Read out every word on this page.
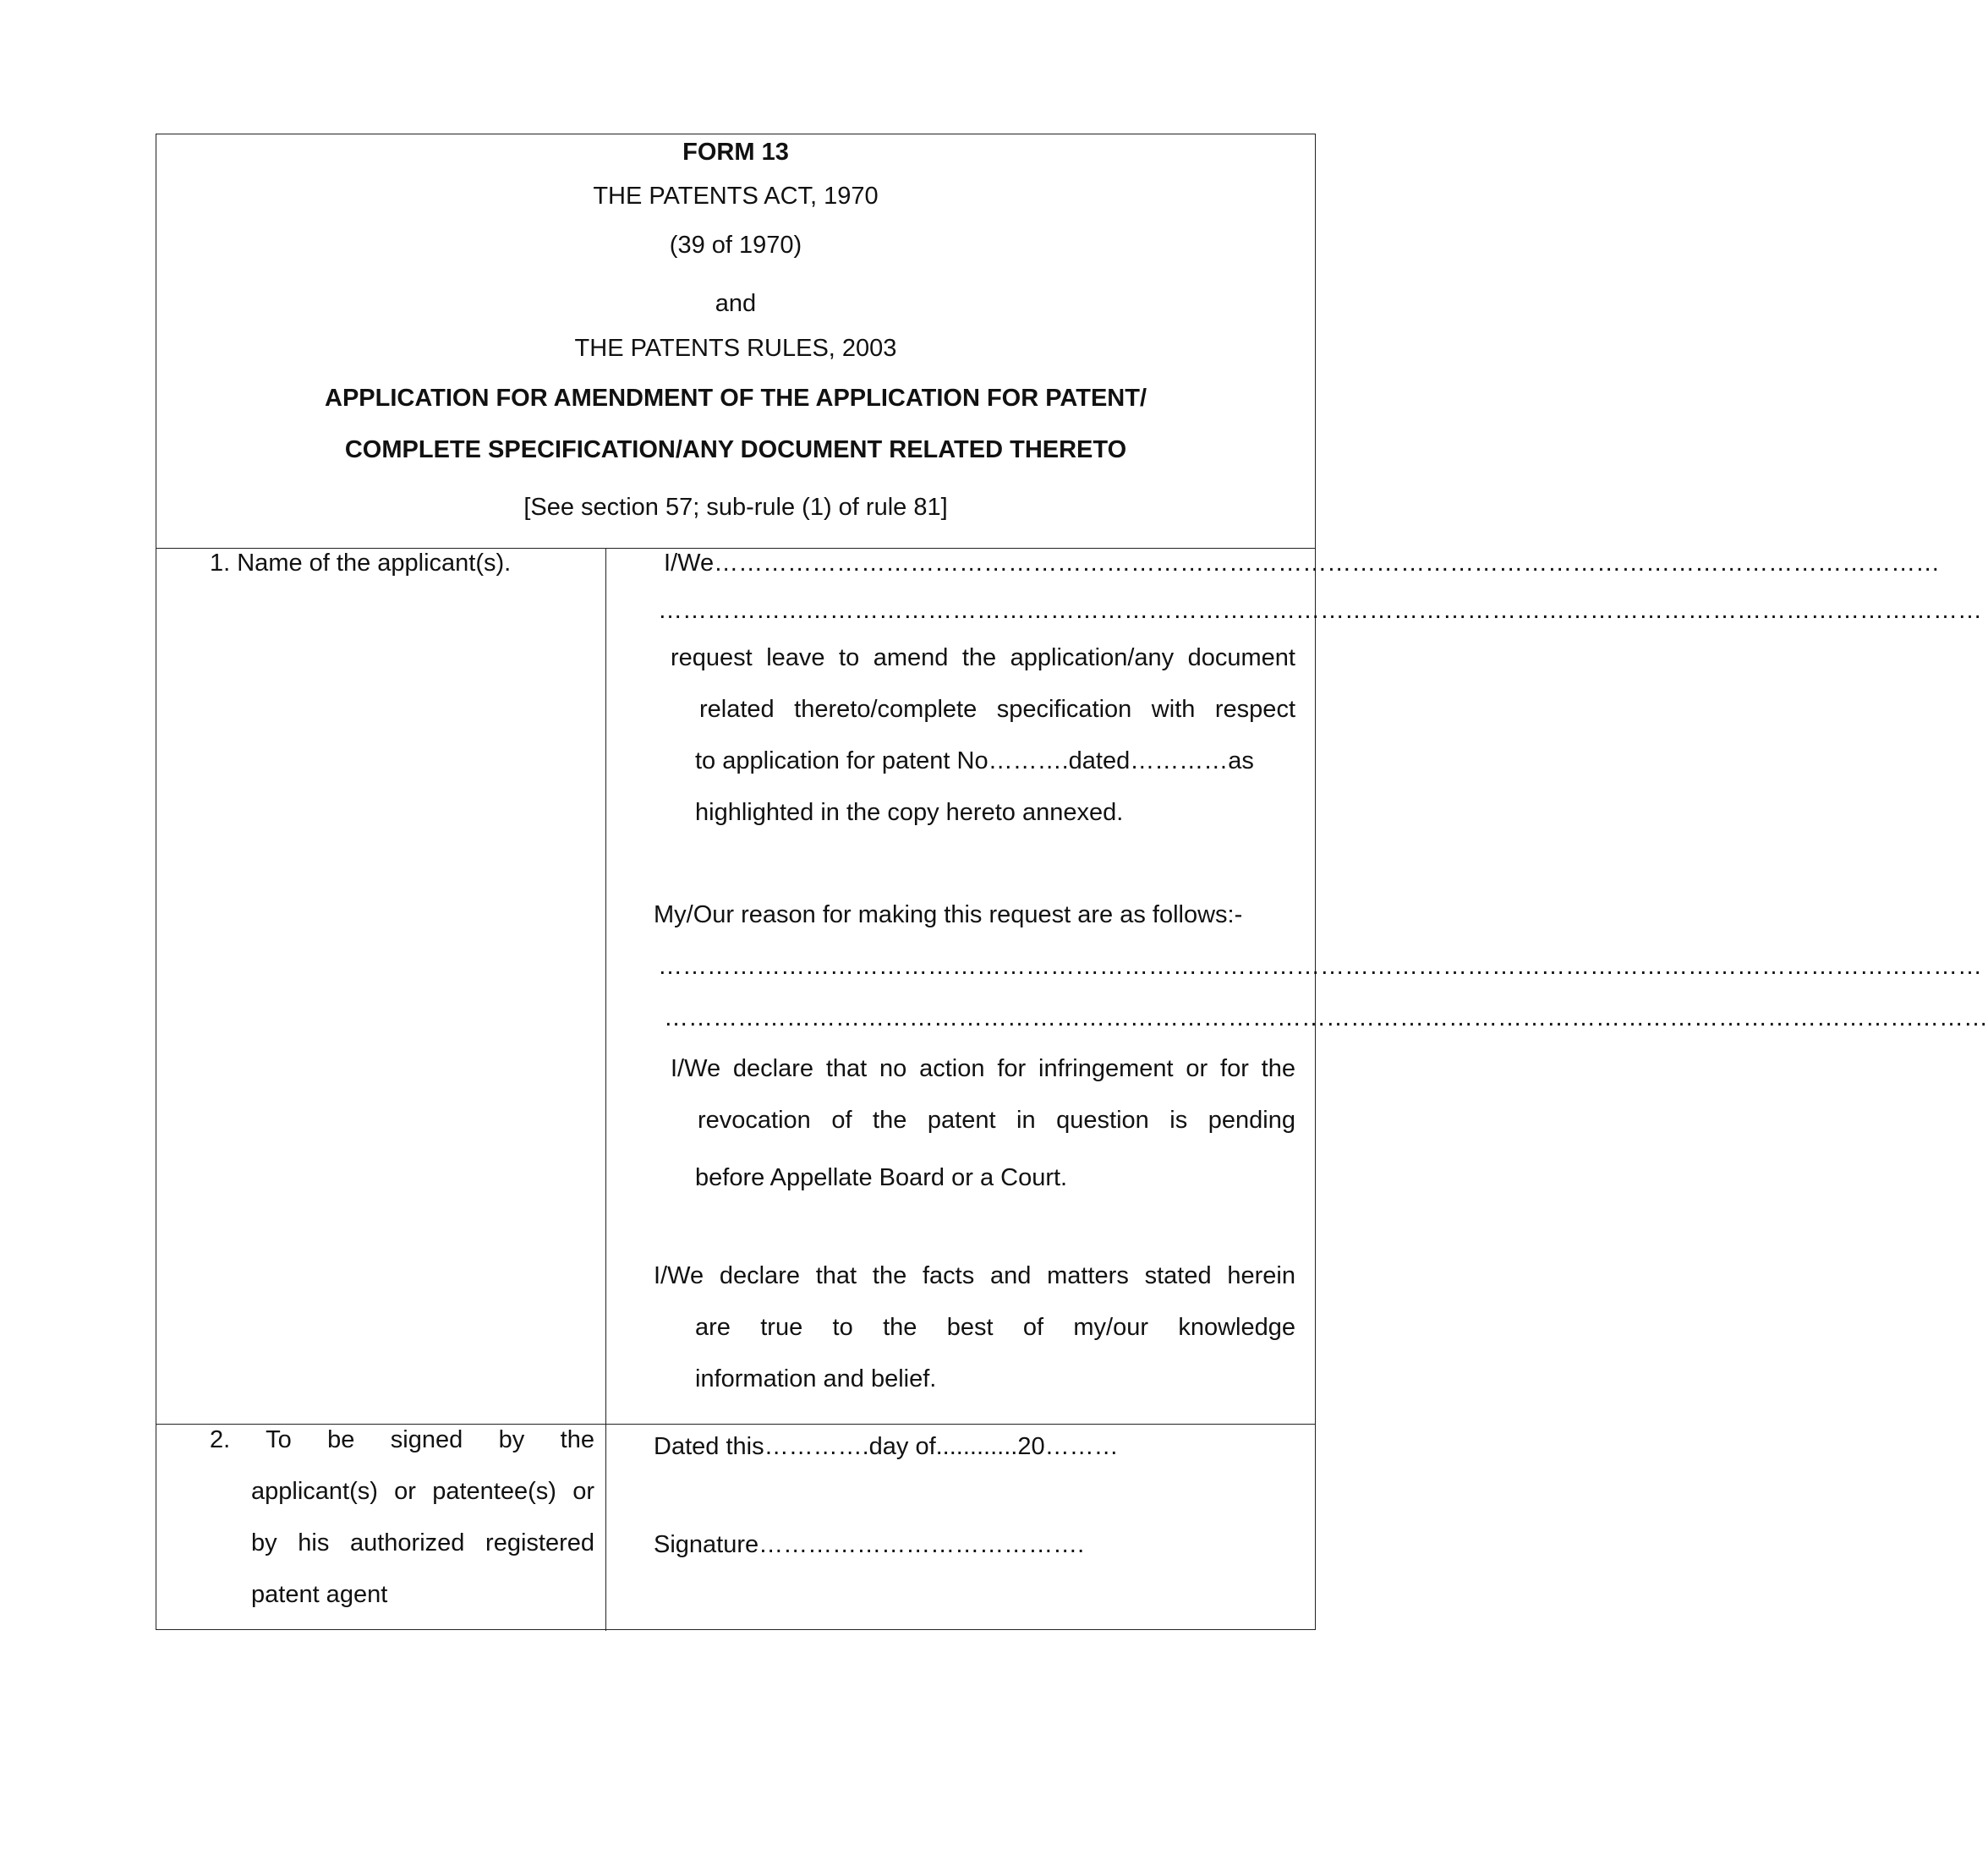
FORM 13
THE PATENTS ACT, 1970
(39 of 1970)
and
THE PATENTS RULES, 2003
APPLICATION FOR AMENDMENT OF THE APPLICATION FOR PATENT/
COMPLETE SPECIFICATION/ANY DOCUMENT RELATED THERETO
[See section 57; sub-rule (1) of rule 81]
1. Name of the applicant(s).	I/We……………………………………………………………………………………………………………………………………
………………………………………………………………………………………………………………………………………………
request leave to amend the application/any document
related thereto/complete specification with respect
to application for patent No……….dated…………as
highlighted in the copy hereto annexed.
My/Our reason for making this request are as follows:-
………………………………………………………………………………………………………………………………………………
………………………………………………………………………………………………………………………………………………
I/We declare that no action for infringement or for the
revocation of the patent in question is pending
before Appellate Board or a Court.
I/We declare that the facts and matters stated herein
are true to the best of my/our knowledge
information and belief.
2. To be signed by the
applicant(s) or patentee(s) or
by his authorized registered
patent agent
Dated this………….day of............20………
Signature………………………………….
